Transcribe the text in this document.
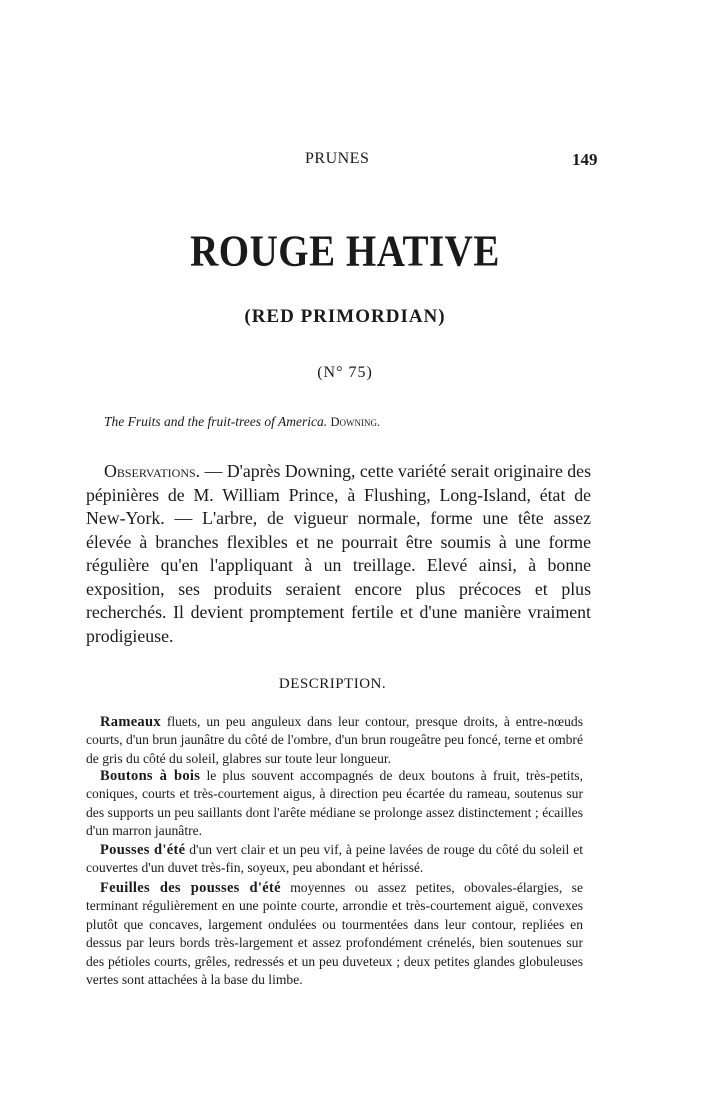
PRUNES	149
ROUGE HATIVE
(RED PRIMORDIAN)
(N° 75)
The Fruits and the fruit-trees of America. Downing.

Observations. — D'après Downing, cette variété serait originaire des pépinières de M. William Prince, à Flushing, Long-Island, état de New-York. — L'arbre, de vigueur normale, forme une tête assez élevée à branches flexibles et ne pourrait être soumis à une forme régulière qu'en l'appliquant à un treillage. Elevé ainsi, à bonne exposition, ses produits seraient encore plus précoces et plus recherchés. Il devient promptement fertile et d'une manière vraiment prodigieuse.

DESCRIPTION.

Rameaux fluets, un peu anguleux dans leur contour, presque droits, à entre-nœuds courts, d'un brun jaunâtre du côté de l'ombre, d'un brun rougeâtre peu foncé, terne et ombré de gris du côté du soleil, glabres sur toute leur longueur.

Boutons à bois le plus souvent accompagnés de deux boutons à fruit, très-petits, coniques, courts et très-courtement aigus, à direction peu écartée du rameau, soutenus sur des supports un peu saillants dont l'arête médiane se prolonge assez distinctement ; écailles d'un marron jaunâtre.

Pousses d'été d'un vert clair et un peu vif, à peine lavées de rouge du côté du soleil et couvertes d'un duvet très-fin, soyeux, peu abondant et hérissé.

Feuilles des pousses d'été moyennes ou assez petites, obovales-élargies, se terminant régulièrement en une pointe courte, arrondie et très-courtement aiguë, convexes plutôt que concaves, largement ondulées ou tourmentées dans leur contour, repliées en dessus par leurs bords très-largement et assez profondément crénelés, bien soutenues sur des pétioles courts, grêles, redressés et un peu duveteux ; deux petites glandes globuleuses vertes sont attachées à la base du limbe.
